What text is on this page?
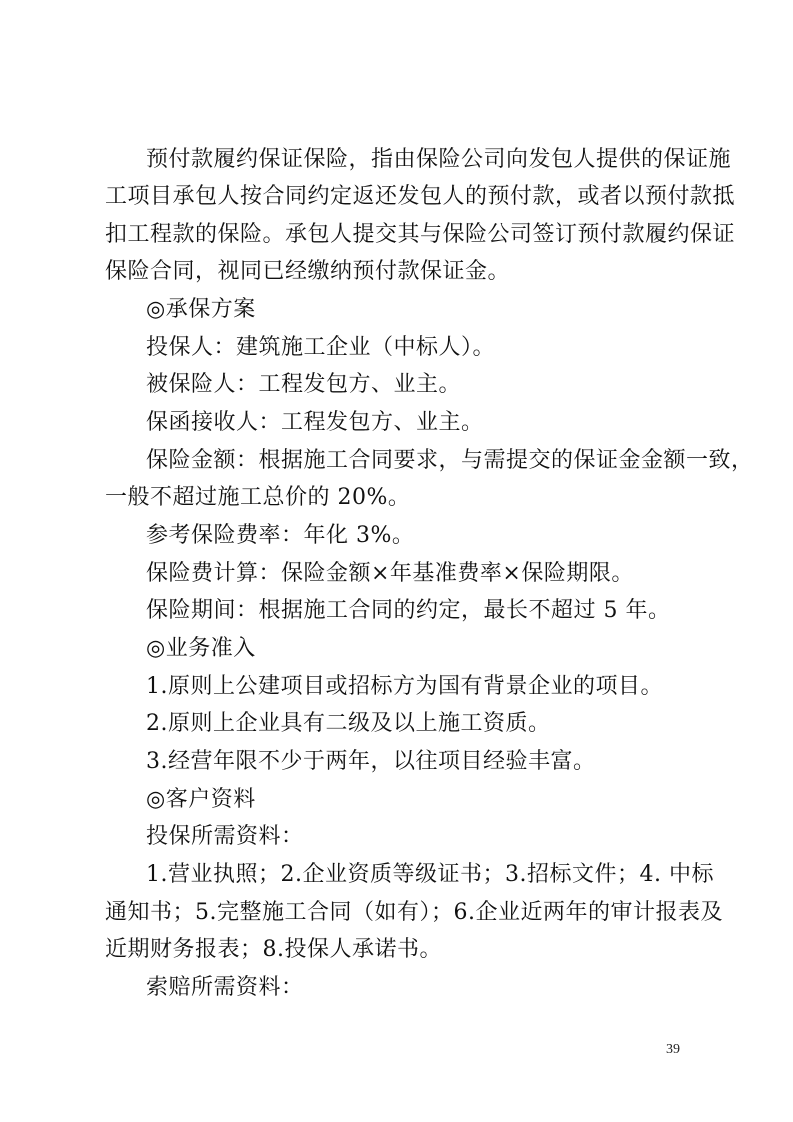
预付款履约保证保险，指由保险公司向发包人提供的保证施
工项目承包人按合同约定返还发包人的预付款，或者以预付款抵
扣工程款的保险。承包人提交其与保险公司签订预付款履约保证
保险合同，视同已经缴纳预付款保证金。
◎承保方案
投保人：建筑施工企业（中标人）。
被保险人：工程发包方、业主。
保函接收人：工程发包方、业主。
保险金额：根据施工合同要求，与需提交的保证金金额一致，
一般不超过施工总价的 20%。
参考保险费率：年化 3%。
保险费计算：保险金额×年基准费率×保险期限。
保险期间：根据施工合同的约定，最长不超过 5 年。
◎业务准入
1.原则上公建项目或招标方为国有背景企业的项目。
2.原则上企业具有二级及以上施工资质。
3.经营年限不少于两年，以往项目经验丰富。
◎客户资料
投保所需资料：
1.营业执照；2.企业资质等级证书；3.招标文件；4. 中标
通知书；5.完整施工合同（如有）；6.企业近两年的审计报表及
近期财务报表；8.投保人承诺书。
索赔所需资料：
39
